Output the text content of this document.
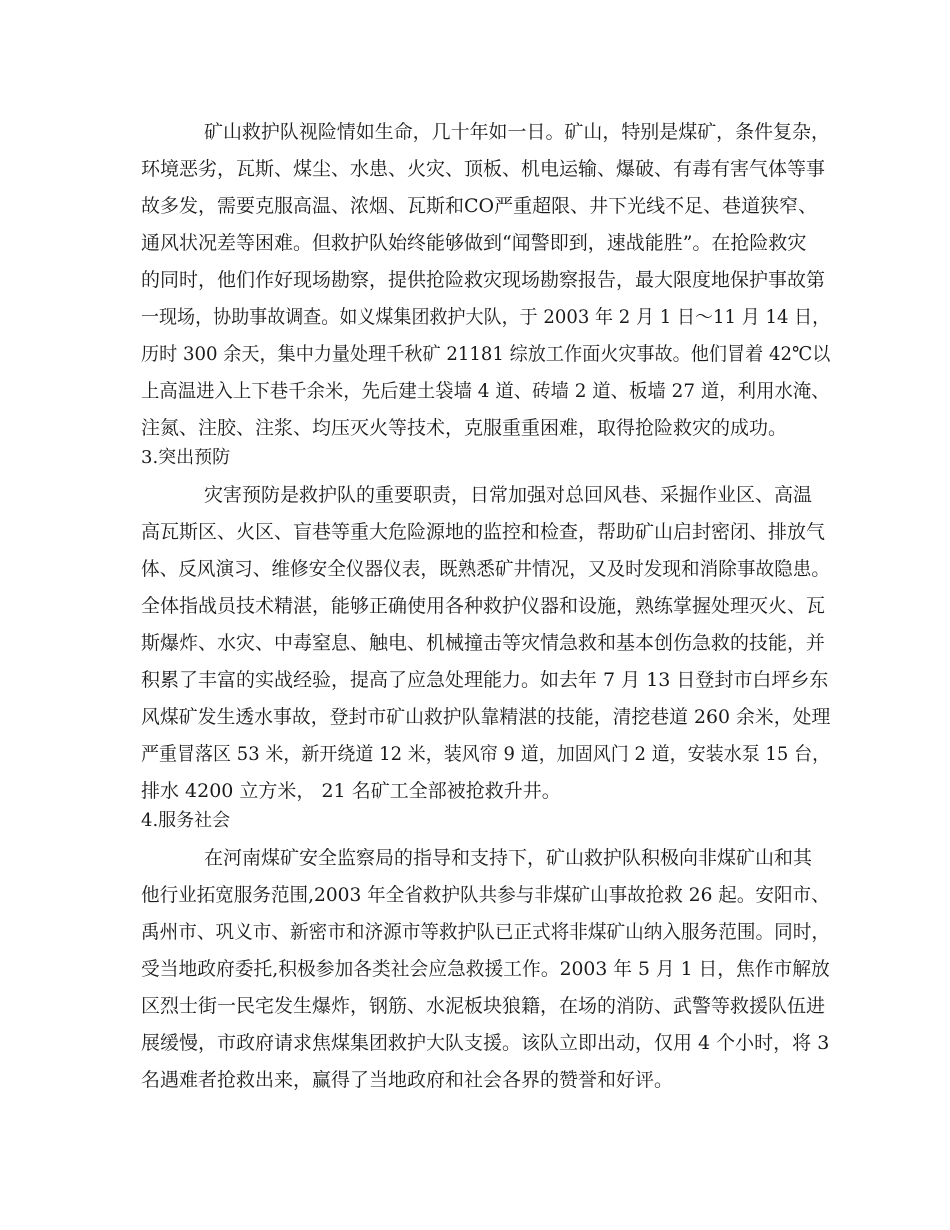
矿山救护队视险情如生命，几十年如一日。矿山，特别是煤矿，条件复杂，
环境恶劣，瓦斯、煤尘、水患、火灾、顶板、机电运输、爆破、有毒有害气体等事
故多发，需要克服高温、浓烟、瓦斯和CO严重超限、井下光线不足、巷道狭窄、
通风状况差等困难。但救护队始终能够做到“闻警即到，速战能胜”。在抢险救灾
的同时，他们作好现场勘察，提供抢险救灾现场勘察报告，最大限度地保护事故第
一现场，协助事故调查。如义煤集团救护大队，于 2003 年 2 月 1 日～11 月 14 日，
历时 300 余天，集中力量处理千秋矿 21181 综放工作面火灾事故。他们冒着 42℃以
上高温进入上下巷千余米，先后建土袋墙 4 道、砖墙 2 道、板墙 27 道，利用水淹、
注氮、注胶、注浆、均压灭火等技术，克服重重困难，取得抢险救灾的成功。
3.突出预防
灾害预防是救护队的重要职责，日常加强对总回风巷、采掘作业区、高温
高瓦斯区、火区、盲巷等重大危险源地的监控和检查，帮助矿山启封密闭、排放气
体、反风演习、维修安全仪器仪表，既熟悉矿井情况，又及时发现和消除事故隐患。
全体指战员技术精湛，能够正确使用各种救护仪器和设施，熟练掌握处理灭火、瓦
斯爆炸、水灾、中毒窒息、触电、机械撞击等灾情急救和基本创伤急救的技能，并
积累了丰富的实战经验，提高了应急处理能力。如去年 7 月 13 日登封市白坪乡东
风煤矿发生透水事故，登封市矿山救护队靠精湛的技能，清挖巷道 260 余米，处理
严重冒落区 53 米，新开绕道 12 米，装风帘 9 道，加固风门 2 道，安装水泵 15 台，
排水 4200 立方米， 21 名矿工全部被抢救升井。
4.服务社会
在河南煤矿安全监察局的指导和支持下，矿山救护队积极向非煤矿山和其
他行业拓宽服务范围,2003 年全省救护队共参与非煤矿山事故抢救 26 起。安阳市、
禹州市、巩义市、新密市和济源市等救护队已正式将非煤矿山纳入服务范围。同时，
受当地政府委托,积极参加各类社会应急救援工作。2003 年 5 月 1 日，焦作市解放
区烈士街一民宅发生爆炸，钢筋、水泥板块狼籍，在场的消防、武警等救援队伍进
展缓慢，市政府请求焦煤集团救护大队支援。该队立即出动，仅用 4 个小时，将 3
名遇难者抢救出来，赢得了当地政府和社会各界的赞誉和好评。
